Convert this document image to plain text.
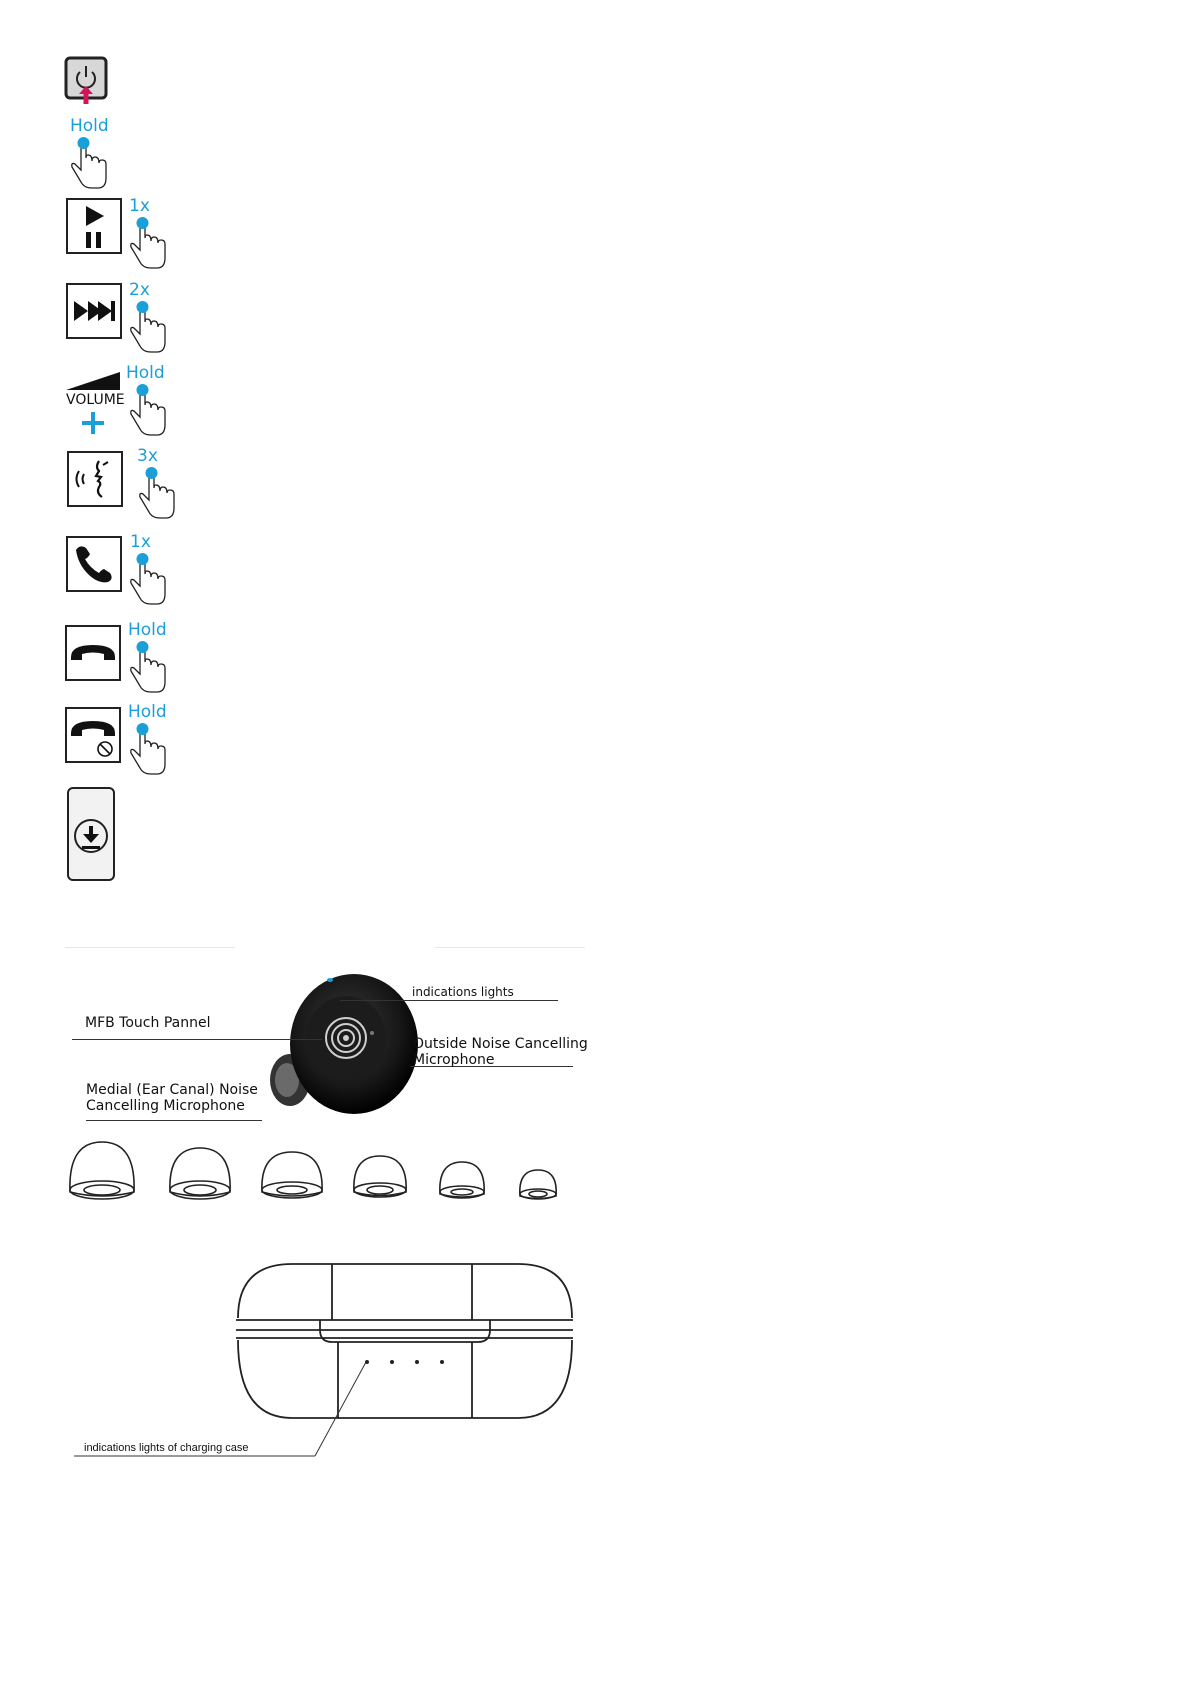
Hold
1x
2x
VOLUME
Hold
3x
1x
Hold
Hold
indications lights
MFB Touch Pannel
Outside Noise Cancelling
Microphone
Medial (Ear Canal) Noise
Cancelling Microphone
indications lights of charging case
